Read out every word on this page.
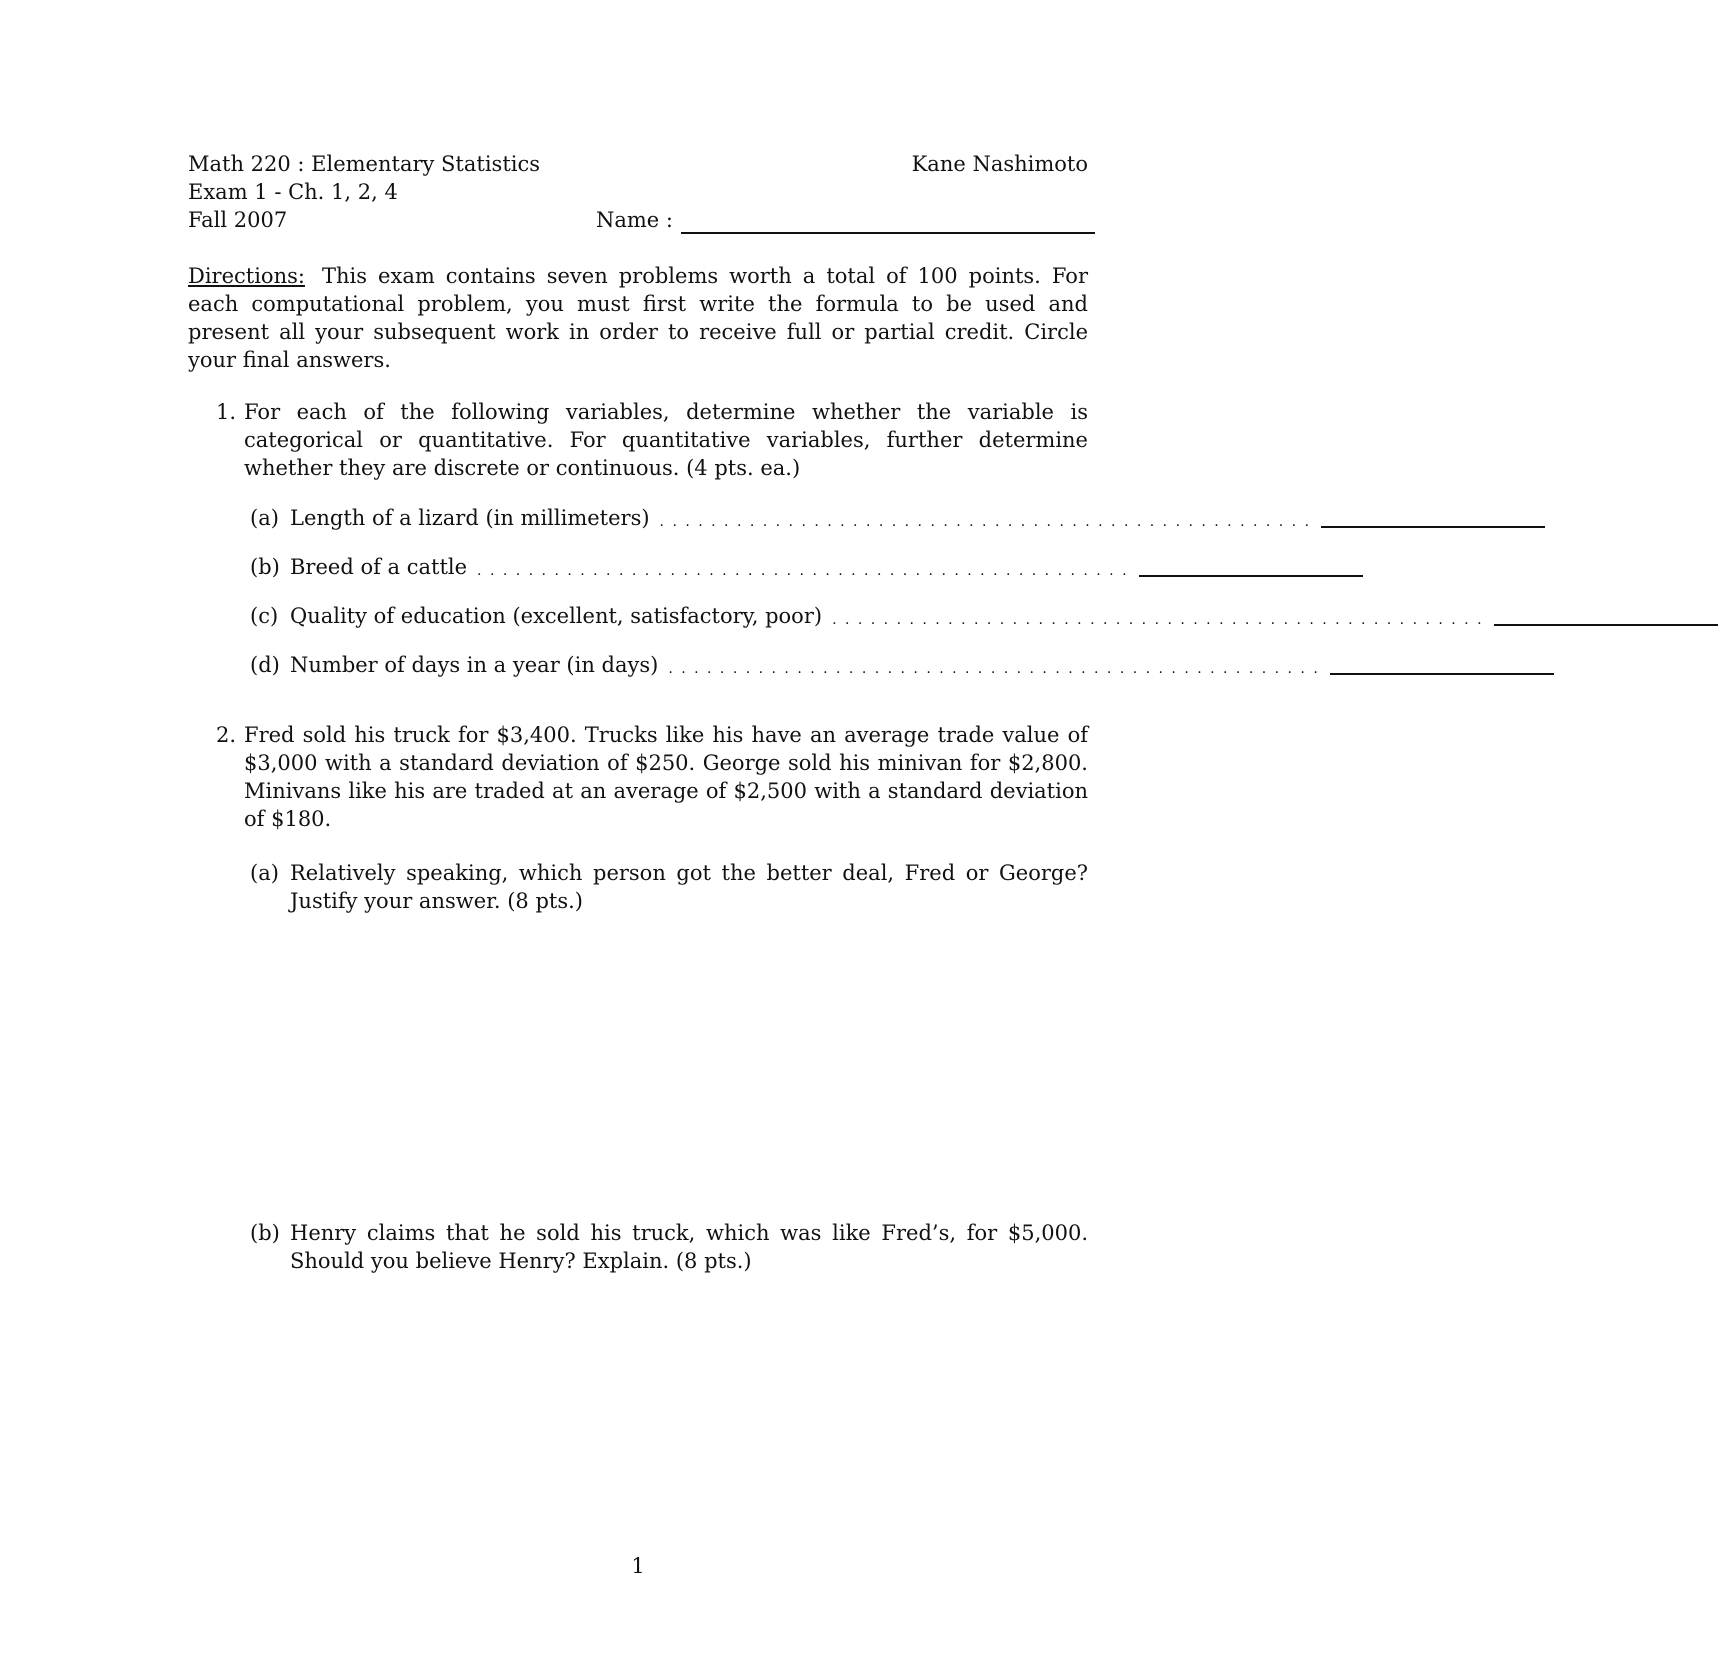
Math 220 : Elementary Statistics
Exam 1 - Ch. 1, 2, 4
Fall 2007
Kane Nashimoto
Name :
Directions: This exam contains seven problems worth a total of 100 points. For each computational problem, you must first write the formula to be used and present all your subsequent work in order to receive full or partial credit. Circle your final answers.
1. For each of the following variables, determine whether the variable is categorical or quantitative. For quantitative variables, further determine whether they are discrete or continuous. (4 pts. ea.)
(a) Length of a lizard (in millimeters) . . . . . . . . . . . . . . . . . . . . . . . . . . . . . . . . . . . . . . . . . . . . . . . . . . .
(b) Breed of a cattle . . . . . . . . . . . . . . . . . . . . . . . . . . . . . . . . . . . . . . . . . . . . . . . . . . .
(c) Quality of education (excellent, satisfactory, poor) . . . . . . . . . . . . . . . . . . . . . . . . . . . . . . . . . . . . . . . . . . . . . . . . . . .
(d) Number of days in a year (in days) . . . . . . . . . . . . . . . . . . . . . . . . . . . . . . . . . . . . . . . . . . . . . . . . . . .
2. Fred sold his truck for $3,400. Trucks like his have an average trade value of $3,000 with a standard deviation of $250. George sold his minivan for $2,800. Minivans like his are traded at an average of $2,500 with a standard deviation of $180.
(a) Relatively speaking, which person got the better deal, Fred or George? Justify your answer. (8 pts.)
(b) Henry claims that he sold his truck, which was like Fred’s, for $5,000. Should you believe Henry? Explain. (8 pts.)
1
